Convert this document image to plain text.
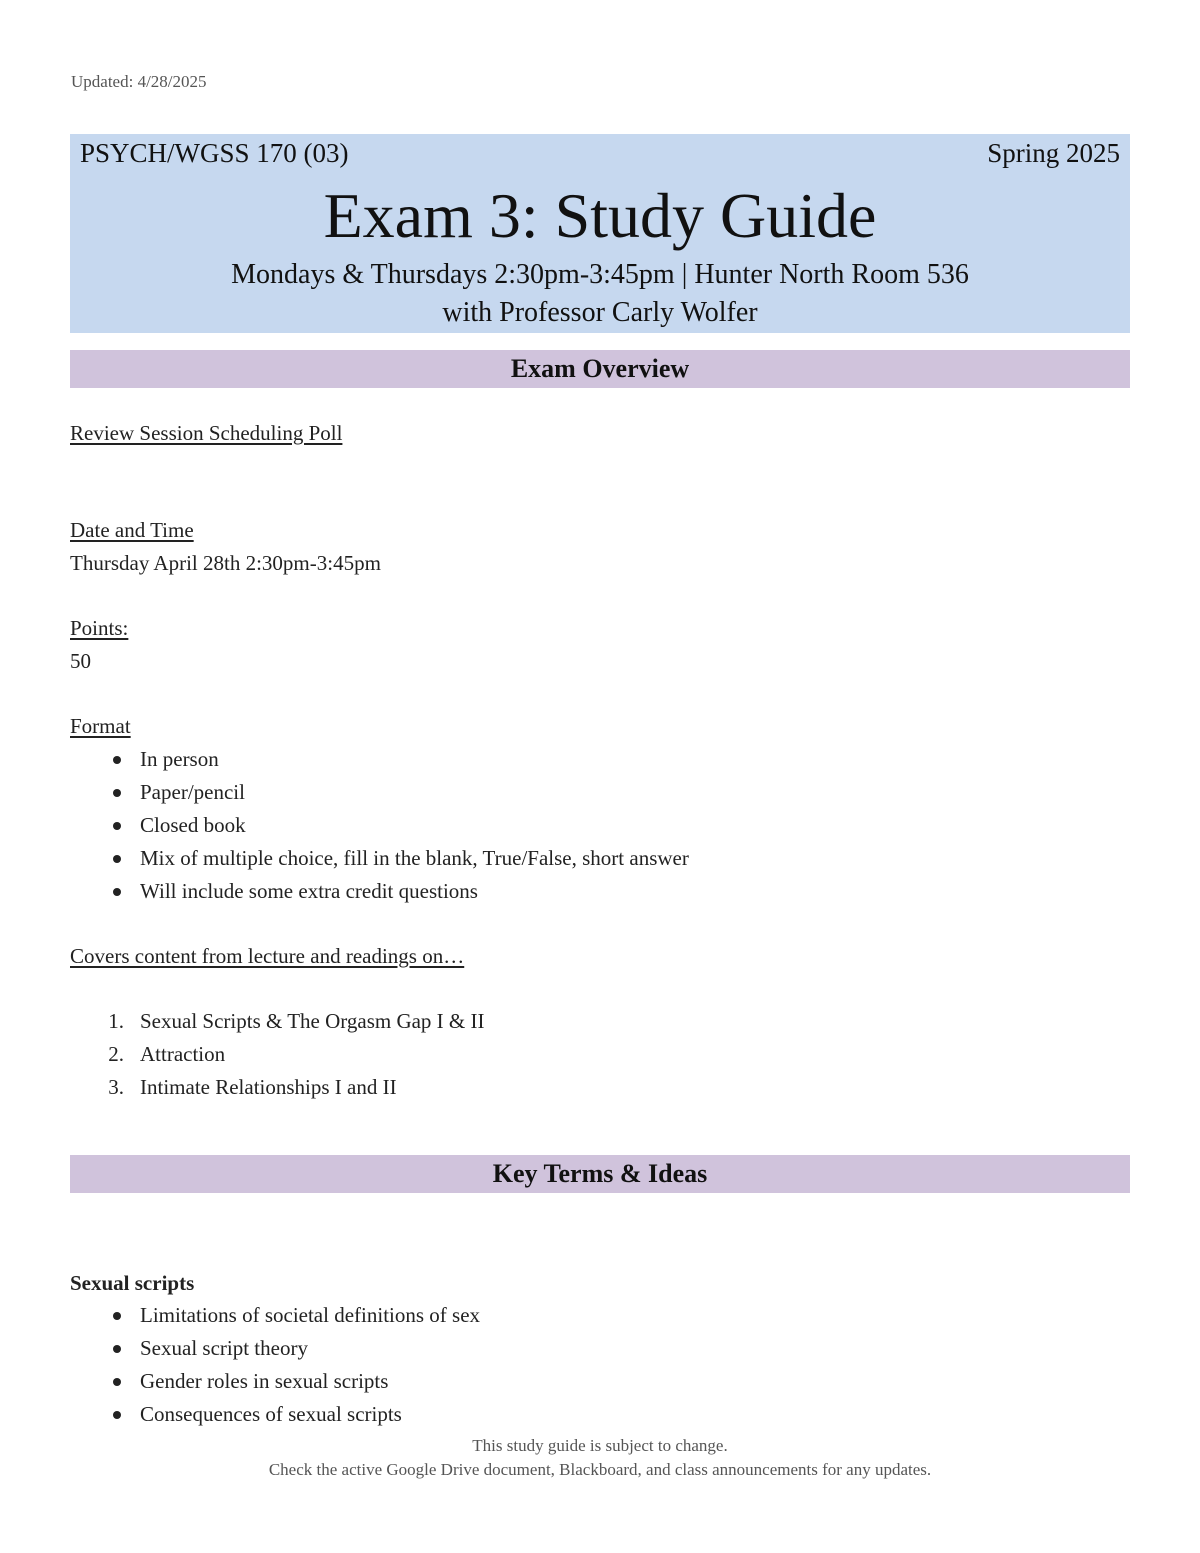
Updated: 4/28/2025
PSYCH/WGSS 170 (03)	Spring 2025
Exam 3: Study Guide
Mondays & Thursdays 2:30pm-3:45pm | Hunter North Room 536
with Professor Carly Wolfer
Exam Overview
Review Session Scheduling Poll
Date and Time
Thursday April 28th 2:30pm-3:45pm
Points:
50
Format
In person
Paper/pencil
Closed book
Mix of multiple choice, fill in the blank, True/False, short answer
Will include some extra credit questions
Covers content from lecture and readings on…
1. Sexual Scripts & The Orgasm Gap I & II
2. Attraction
3. Intimate Relationships I and II
Key Terms & Ideas
Sexual scripts
Limitations of societal definitions of sex
Sexual script theory
Gender roles in sexual scripts
Consequences of sexual scripts
This study guide is subject to change.
Check the active Google Drive document, Blackboard, and class announcements for any updates.
